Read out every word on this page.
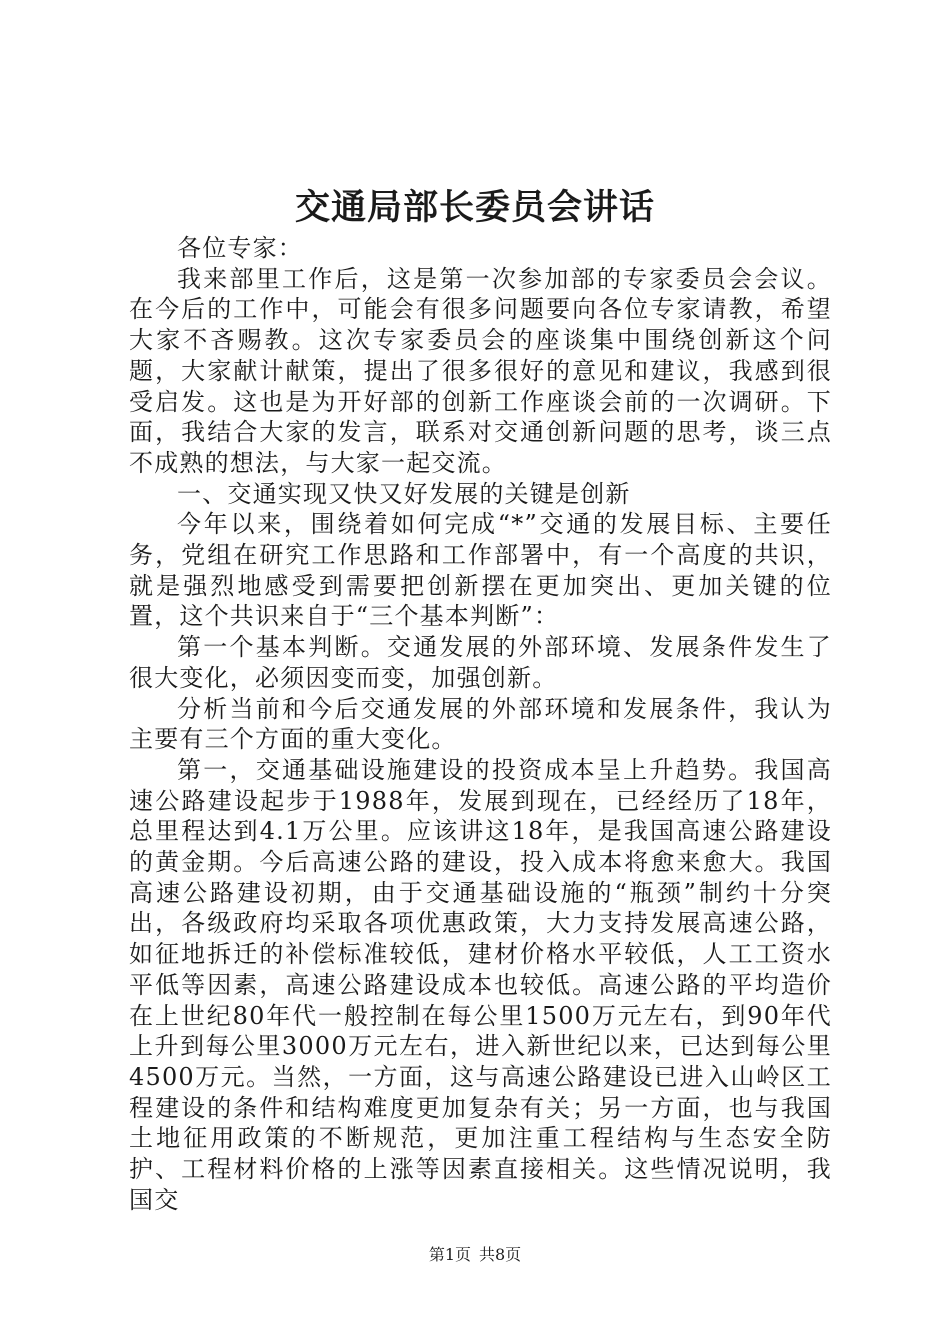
交通局部长委员会讲话

各位专家：

我来部里工作后，这是第一次参加部的专家委员会会议。在今后的工作中，可能会有很多问题要向各位专家请教，希望大家不吝赐教。这次专家委员会的座谈集中围绕创新这个问题，大家献计献策，提出了很多很好的意见和建议，我感到很受启发。这也是为开好部的创新工作座谈会前的一次调研。下面，我结合大家的发言，联系对交通创新问题的思考，谈三点不成熟的想法，与大家一起交流。

一、交通实现又快又好发展的关键是创新

今年以来，围绕着如何完成“*”交通的发展目标、主要任务，党组在研究工作思路和工作部署中，有一个高度的共识，就是强烈地感受到需要把创新摆在更加突出、更加关键的位置，这个共识来自于“三个基本判断”：

第一个基本判断。交通发展的外部环境、发展条件发生了很大变化，必须因变而变，加强创新。

分析当前和今后交通发展的外部环境和发展条件，我认为主要有三个方面的重大变化。

第一，交通基础设施建设的投资成本呈上升趋势。我国高速公路建设起步于1988年，发展到现在，已经经历了18年，总里程达到4.1万公里。应该讲这18年，是我国高速公路建设的黄金期。今后高速公路的建设，投入成本将愈来愈大。我国高速公路建设初期，由于交通基础设施的“瓶颈”制约十分突出，各级政府均采取各项优惠政策，大力支持发展高速公路，如征地拆迁的补偿标准较低，建材价格水平较低，人工工资水平低等因素，高速公路建设成本也较低。高速公路的平均造价在上世纪80年代一般控制在每公里1500万元左右，到90年代上升到每公里3000万元左右，进入新世纪以来，已达到每公里4500万元。当然，一方面，这与高速公路建设已进入山岭区工程建设的条件和结构难度更加复杂有关；另一方面，也与我国土地征用政策的不断规范，更加注重工程结构与生态安全防护、工程材料价格的上涨等因素直接相关。这些情况说明，我国交

第1页 共8页
